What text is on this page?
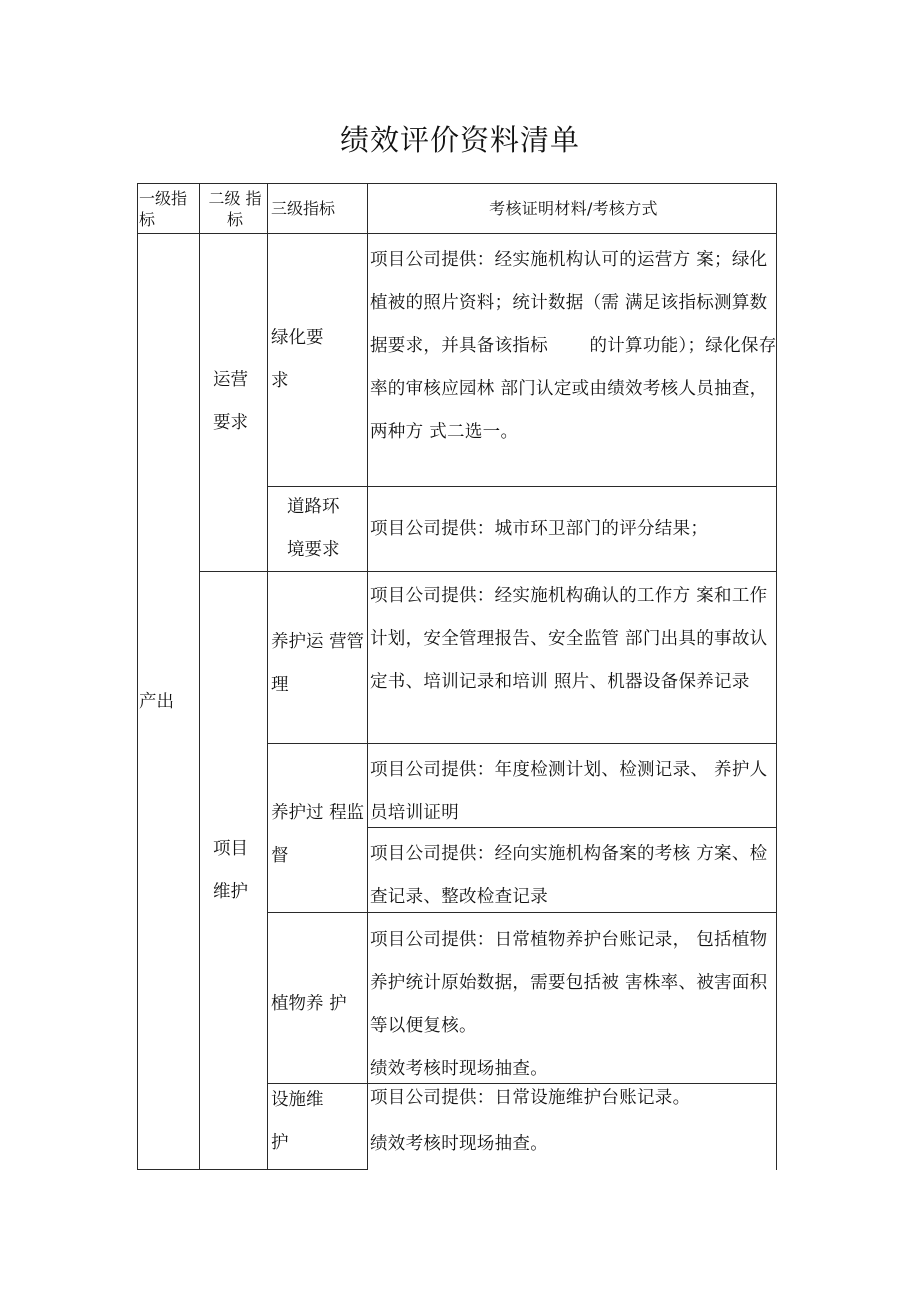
绩效评价资料清单
一级指标
二级 指标
三级指标	考核证明材料/考核方式
产出
运营要求
项目维护
绿化要求
项目公司提供：经实施机构认可的运营方 案；绿化植被的照片资料；统计数据（需 满足该指标测算数据要求，并具备该指标　　 的计算功能）；绿化保存率的审核应园林 部门认定或由绩效考核人员抽查，两种方 式二选一。
道路环境要求
项目公司提供：城市环卫部门的评分结果；
养护运 营管理
项目公司提供：经实施机构确认的工作方 案和工作计划，安全管理报告、安全监管 部门出具的事故认定书、培训记录和培训 照片、机器设备保养记录
养护过 程监督
项目公司提供：年度检测计划、检测记录、 养护人员培训证明
项目公司提供：经向实施机构备案的考核 方案、检查记录、整改检查记录
植物养 护
项目公司提供：日常植物养护台账记录， 包括植物养护统计原始数据，需要包括被 害株率、被害面积等以便复核。
绩效考核时现场抽查。
设施维护
项目公司提供：日常设施维护台账记录。
绩效考核时现场抽查。
